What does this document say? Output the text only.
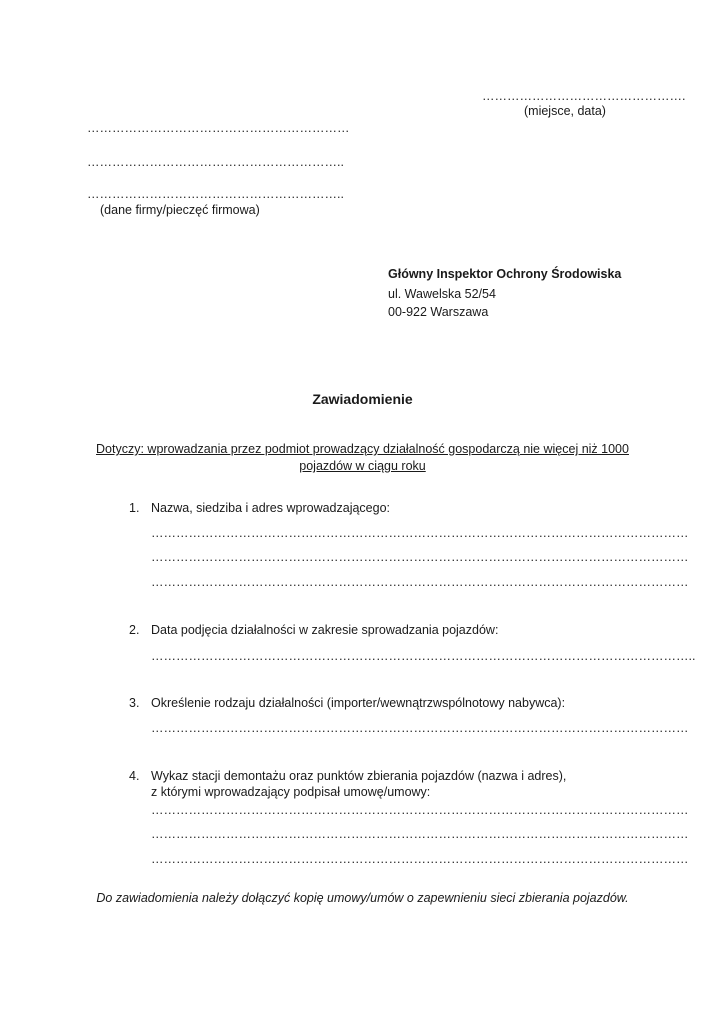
………………………………………….
(miejsce, data)
………………………………………………………
……………………………………………………..
……………………………………………………..
(dane firmy/pieczęć firmowa)
Główny Inspektor Ochrony Środowiska
ul. Wawelska 52/54
00-922 Warszawa
Zawiadomienie
Dotyczy: wprowadzania przez podmiot prowadzący działalność gospodarczą nie więcej niż 1000
pojazdów w ciągu roku
1. Nazwa, siedziba i adres wprowadzającego:
…………………………………………………………………………………………………………………
…………………………………………………………………………………………………………………
…………………………………………………………………………………………………………………
2. Data podjęcia działalności w zakresie sprowadzania pojazdów:
…………………………………………………………………………………………………………………..
3. Określenie rodzaju działalności (importer/wewnątrzwspólnotowy nabywca):
…………………………………………………………………………………………………………………
4. Wykaz stacji demontażu oraz punktów zbierania pojazdów (nazwa i adres),
z którymi wprowadzający podpisał umowę/umowy:
…………………………………………………………………………………………………………………
…………………………………………………………………………………………………………………
…………………………………………………………………………………………………………………
Do zawiadomienia należy dołączyć kopię umowy/umów o zapewnieniu sieci zbierania pojazdów.
